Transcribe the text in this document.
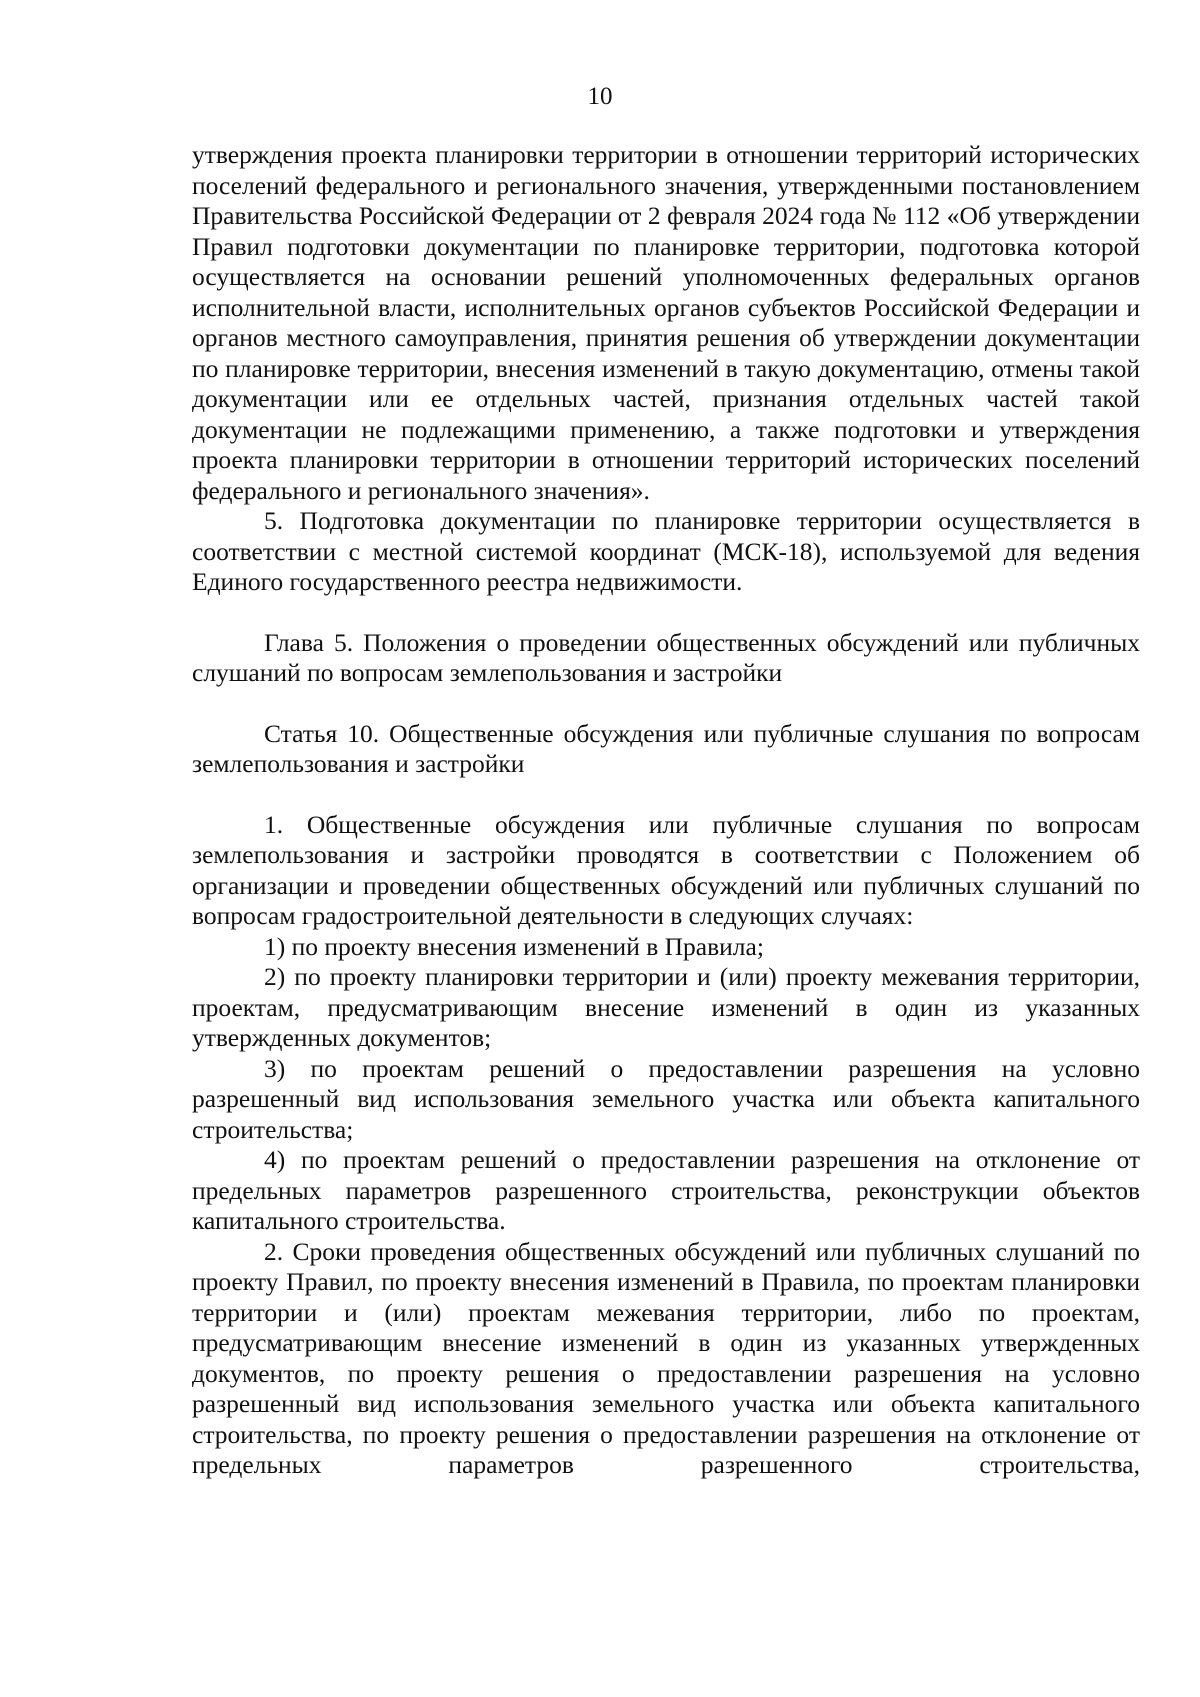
10

утверждения проекта планировки территории в отношении территорий исторических поселений федерального и регионального значения, утвержденными постановлением Правительства Российской Федерации от 2 февраля 2024 года № 112 «Об утверждении Правил подготовки документации по планировке территории, подготовка которой осуществляется на основании решений уполномоченных федеральных органов исполнительной власти, исполнительных органов субъектов Российской Федерации и органов местного самоуправления, принятия решения об утверждении документации по планировке территории, внесения изменений в такую документацию, отмены такой документации или ее отдельных частей, признания отдельных частей такой документации не подлежащими применению, а также подготовки и утверждения проекта планировки территории в отношении территорий исторических поселений федерального и регионального значения».

5. Подготовка документации по планировке территории осуществляется в соответствии с местной системой координат (МСК-18), используемой для ведения Единого государственного реестра недвижимости.

Глава 5. Положения о проведении общественных обсуждений или публичных слушаний по вопросам землепользования и застройки

Статья 10. Общественные обсуждения или публичные слушания по вопросам землепользования и застройки

1. Общественные обсуждения или публичные слушания по вопросам землепользования и застройки проводятся в соответствии с Положением об организации и проведении общественных обсуждений или публичных слушаний по вопросам градостроительной деятельности в следующих случаях:

1) по проекту внесения изменений в Правила;

2) по проекту планировки территории и (или) проекту межевания территории, проектам, предусматривающим внесение изменений в один из указанных утвержденных документов;

3) по проектам решений о предоставлении разрешения на условно разрешенный вид использования земельного участка или объекта капитального строительства;

4) по проектам решений о предоставлении разрешения на отклонение от предельных параметров разрешенного строительства, реконструкции объектов капитального строительства.

2. Сроки проведения общественных обсуждений или публичных слушаний по проекту Правил, по проекту внесения изменений в Правила, по проектам планировки территории и (или) проектам межевания территории, либо по проектам, предусматривающим внесение изменений в один из указанных утвержденных документов, по проекту решения о предоставлении разрешения на условно разрешенный вид использования земельного участка или объекта капитального строительства, по проекту решения о предоставлении разрешения на отклонение от предельных параметров разрешенного строительства,
